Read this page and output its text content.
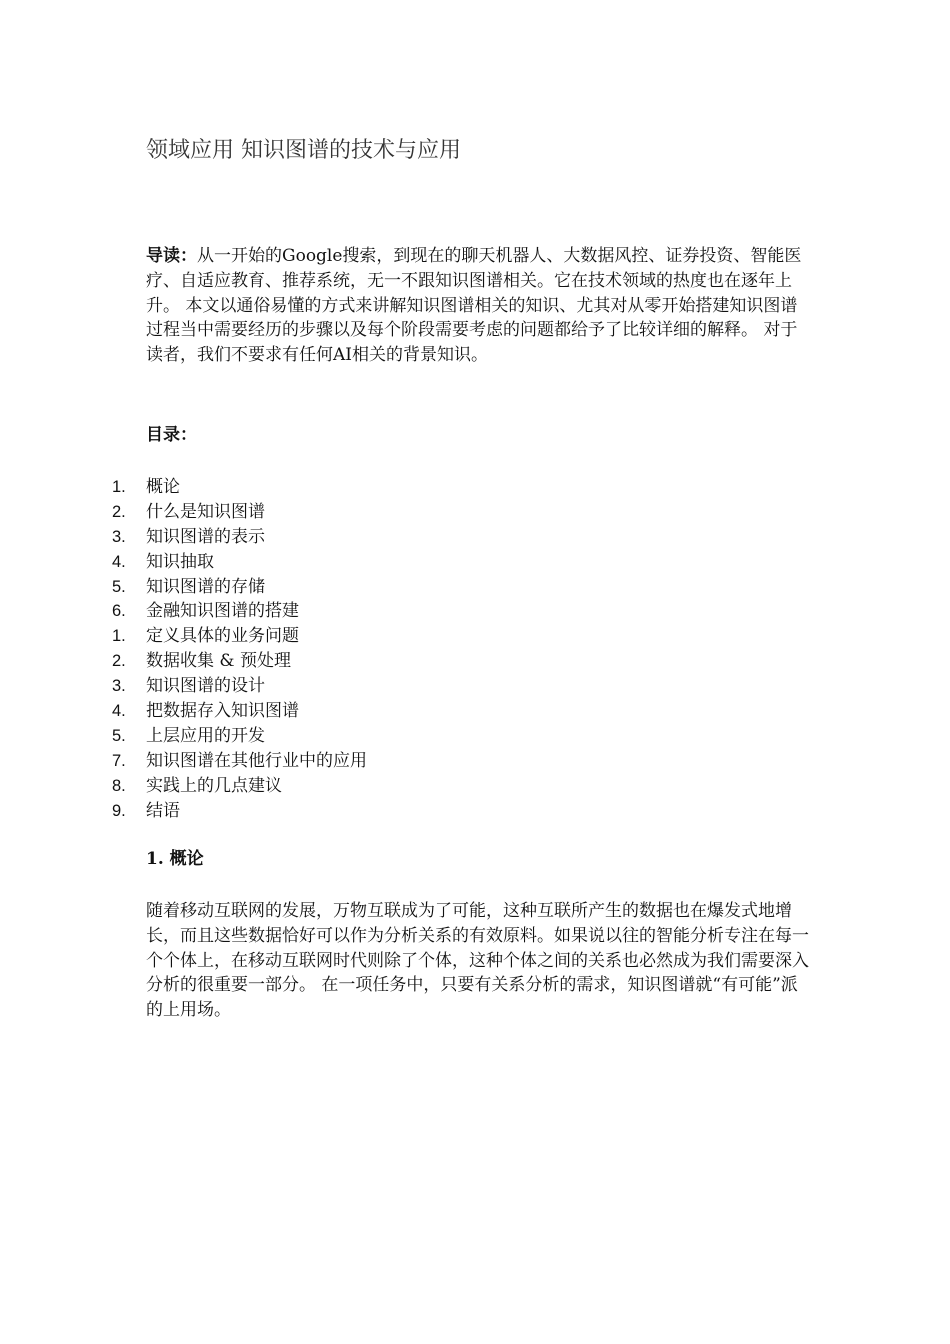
领域应用 知识图谱的技术与应用
导读：从一开始的Google搜索，到现在的聊天机器人、大数据风控、证券投资、智能医疗、自适应教育、推荐系统，无一不跟知识图谱相关。它在技术领域的热度也在逐年上升。 本文以通俗易懂的方式来讲解知识图谱相关的知识、尤其对从零开始搭建知识图谱过程当中需要经历的步骤以及每个阶段需要考虑的问题都给予了比较详细的解释。 对于读者，我们不要求有任何AI相关的背景知识。
目录：
1.	概论
2.	什么是知识图谱
3.	知识图谱的表示
4.	知识抽取
5.	知识图谱的存储
6.	金融知识图谱的搭建
1.	定义具体的业务问题
2.	数据收集 & 预处理
3.	知识图谱的设计
4.	把数据存入知识图谱
5.	上层应用的开发
7.	知识图谱在其他行业中的应用
8.	实践上的几点建议
9.	结语
1. 概论
随着移动互联网的发展，万物互联成为了可能，这种互联所产生的数据也在爆发式地增长，而且这些数据恰好可以作为分析关系的有效原料。如果说以往的智能分析专注在每一个个体上，在移动互联网时代则除了个体，这种个体之间的关系也必然成为我们需要深入分析的很重要一部分。 在一项任务中，只要有关系分析的需求，知识图谱就“有可能”派的上用场。
